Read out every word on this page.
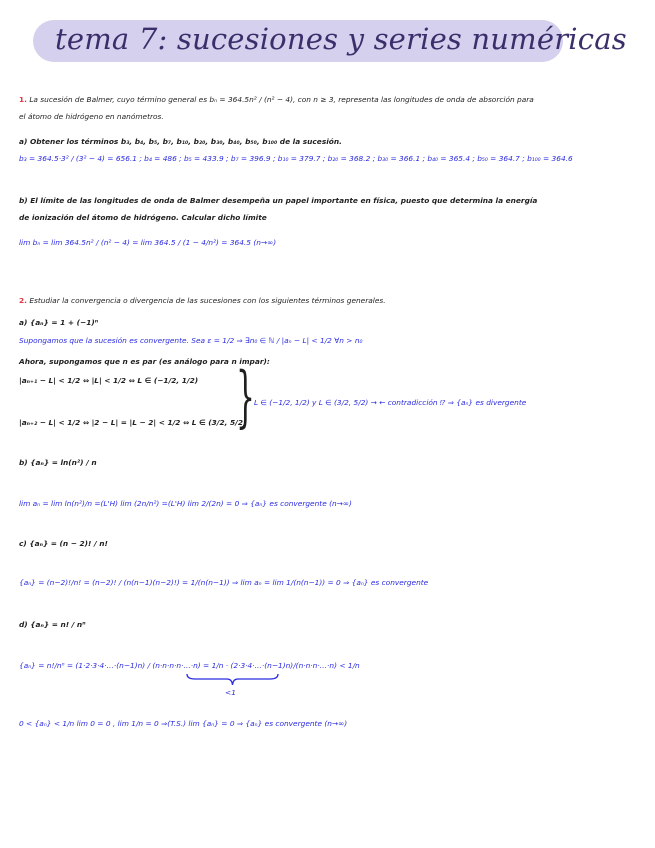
tema 7: sucesiones y series numéricas
1. La sucesión de Balmer, cuyo término general es bₙ = 364.5n² / (n² − 4), con n ≥ 3, representa las longitudes de onda de absorción para
el átomo de hidrógeno en nanómetros.
a) Obtener los términos b₃, b₄, b₅, b₇, b₁₀, b₂₀, b₃₀, b₄₀, b₅₀, b₁₀₀ de la sucesión.
b₃ = 364.5·3² / (3² − 4) = 656.1 ; b₄ = 486 ; b₅ = 433.9 ; b₇ = 396.9 ; b₁₀ = 379.7 ; b₂₀ = 368.2 ; b₃₀ = 366.1 ; b₄₀ = 365.4 ; b₅₀ = 364.7 ; b₁₀₀ = 364.6
b) El límite de las longitudes de onda de Balmer desempeña un papel importante en física, puesto que determina la energía
de ionización del átomo de hidrógeno. Calcular dicho límite
lim bₙ = lim 364.5n² / (n² − 4) = lim 364.5 / (1 − 4/n²) = 364.5 (n→∞)
2. Estudiar la convergencia o divergencia de las sucesiones con los siguientes términos generales.
a) {aₙ} = 1 + (−1)ⁿ
Supongamos que la sucesión es convergente. Sea ε = 1/2 ⇒ ∃n₀ ∈ ℕ / |aₙ − L| < 1/2 ∀n > n₀
Ahora, supongamos que n es par (es análogo para n impar):
|aₙ₊₁ − L| < 1/2 ⇔ |L| < 1/2 ⇔ L ∈ (−1/2, 1/2)
|aₙ₊₂ − L| < 1/2 ⇔ |2 − L| = |L − 2| < 1/2 ⇔ L ∈ (3/2, 5/2)
} L ∈ (−1/2, 1/2) y L ∈ (3/2, 5/2) → ← contradicción ⁉ ⇒ {aₙ} es divergente
b) {aₙ} = ln(n²) / n
lim aₙ = lim ln(n²)/n =(L'H) lim (2n/n²) =(L'H) lim 2/(2n) = 0 ⇒ {aₙ} es convergente (n→∞)
c) {aₙ} = (n − 2)! / n!
{aₙ} = (n−2)!/n! = (n−2)! / (n(n−1)(n−2)!) = 1/(n(n−1)) ⇒ lim aₙ = lim 1/(n(n−1)) = 0 ⇒ {aₙ} es convergente
d) {aₙ} = n! / nⁿ
{aₙ} = n!/nⁿ = (1·2·3·4·…·(n−1)n) / (n·n·n·n·…·n) = 1/n · (2·3·4·…·(n−1)n)/(n·n·n·…·n) < 1/n
<1
0 < {aₙ} < 1/n lim 0 = 0 , lim 1/n = 0 ⇒(T.S.) lim {aₙ} = 0 ⇒ {aₙ} es convergente (n→∞)
